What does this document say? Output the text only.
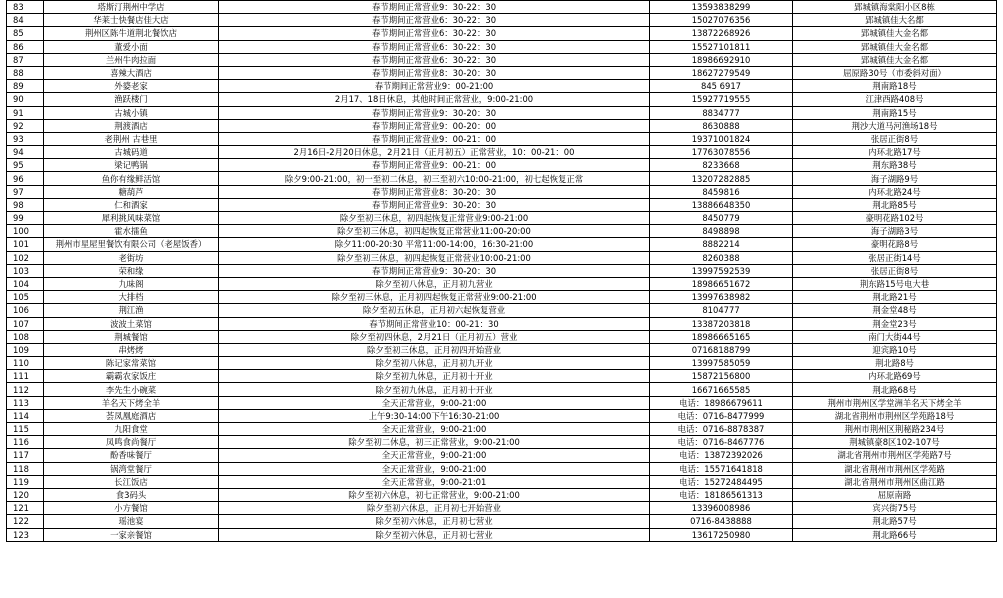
83	塔斯汀荆州中学店	春节期间正常营业9：30-22：30	13593838299	郢城镇海棠阳小区8栋
84	华莱士快餐店佳大店	春节期间正常营业6：30-22：30	15027076356	郢城镇佳大名都
85	荆州区陈牛道荆北餐饮店	春节期间正常营业6：30-22：30	13872268926	郢城镇佳大金名都
86	董爱小面	春节期间正常营业6：30-22：30	15527101811	郢城镇佳大金名都
87	兰州牛肉拉面	春节期间正常营业6：30-22：30	18986692910	郢城镇佳大金名都
88	喜辣大酒店	春节期间正常营业8：30-20：30	18627279549	屈原路30号（市委斜对面）
89	外婆老家	春节期间正常营业9：00-21:00	845 6917	荆南路18号
90	渔跃楼门	2月17、18日休息，其他时间正常营业，9:00-21:00	15927719555	江津西路408号
91	古城小镇	春节期间正常营业9：30-20：30	8834777	荆南路15号
92	荆渡酒店	春节期间正常营业9：00-20：00	8630888	荆沙大道马河渔场18号
93	老荆州 古巷里	春节期间正常营业9：00-21：00	19371001824	张居正街8号
94	古城码道	2月16日-2月20日休息，2月21日（正月初五）正常营业，10：00-21：00	17763078556	内环北路17号
95	梁记鸭锅	春节期间正常营业9：00-21：00	8233668	荆东路38号
96	鱼你有缘鲜活馆	除夕9:00-21:00，初一至初二休息，初三至初六10:00-21:00，初七起恢复正常	13207282885	海子湖路9号
97	糖葫芦	春节期间正常营业8：30-20：30	8459816	内环北路24号
98	仁和酒家	春节期间正常营业9：30-20：30	13886648350	荆北路85号
99	犀利挑风味菜馆	除夕至初三休息，初四起恢复正常营业9:00-21:00	8450779	豪明花路102号
100	霍水擂鱼	除夕至初三休息，初四起恢复正常营业11:00-20:00	8498898	海子湖路3号
101	荆州市星屋里餐饮有限公司（老屋饭香）	除夕11:00-20:30 平常11:00-14:00，16:30-21:00	8882214	豪明花路8号
102	老街坊	除夕至初三休息，初四起恢复正常营业10:00-21:00	8260388	张居正街14号
103	荣和缘	春节期间正常营业9：30-20：30	13997592539	张居正街8号
104	九味阁	除夕至初八休息，正月初九营业	18986651672	荆东路15号电大巷
105	大排档	除夕至初三休息，正月初四起恢复正常营业9:00-21:00	13997638982	荆北路21号
106	荆江渔	除夕至初五休息，正月初六起恢复营业	8104777	荆金堂48号
107	波波土菜馆	春节期间正常营业10：00-21：30	13387203818	荆金堂23号
108	荆城餐馆	除夕至初四休息，2月21日（正月初五）营业	18986665165	南门大街44号
109	串烤烤	除夕至初三休息，正月初四开始营业	07168188799	迎宾路10号
110	陈记家常菜馆	除夕至初八休息，正月初九开业	13997585059	荆北路8号
111	霸霸农家饭庄	除夕至初九休息，正月初十开业	15872156800	内环北路69号
112	李先生小碗菜	除夕至初九休息，正月初十开业	16671665585	荆北路68号
113	羊名天下烤全羊	全天正常营业，9:00-21:00	电话：18986679611	荆州市荆州区学堂洲羊名天下烤全羊
114	荟凤凰庭酒店	上午9:30-14:00下午16:30-21:00	电话：0716-8477999	湖北省荆州市荆州区学苑路18号
115	九阳食堂	全天正常营业，9:00-21:00	电话：0716-8878387	荆州市荆州区荆秘路234号
116	凤鸣食尚餐厅	除夕至初二休息，初三正常营业，9:00-21:00	电话：0716-8467776	荆城镇豪8区102-107号
117	酚香味餐厅	全天正常营业，9:00-21:00	电话：13872392026	湖北省荆州市荆州区学苑路7号
118	锅湾堂餐厅	全天正常营业，9:00-21:00	电话：15571641818	湖北省荆州市荆州区学苑路
119	长江饭店	全天正常营业，9:00-21:01	电话：15272484495	湖北省荆州市荆州区曲江路
120	食3码头	除夕至初六休息，初七正常营业，9:00-21:00	电话：18186561313	屈原南路
121	小方餐馆	除夕至初六休息，正月初七开始营业	13396008986	宾兴街75号
122	瑶池宴	除夕至初六休息，正月初七营业	0716-8438888	荆北路57号
123	一家亲餐馆	除夕至初六休息，正月初七营业	13617250980	荆北路66号
